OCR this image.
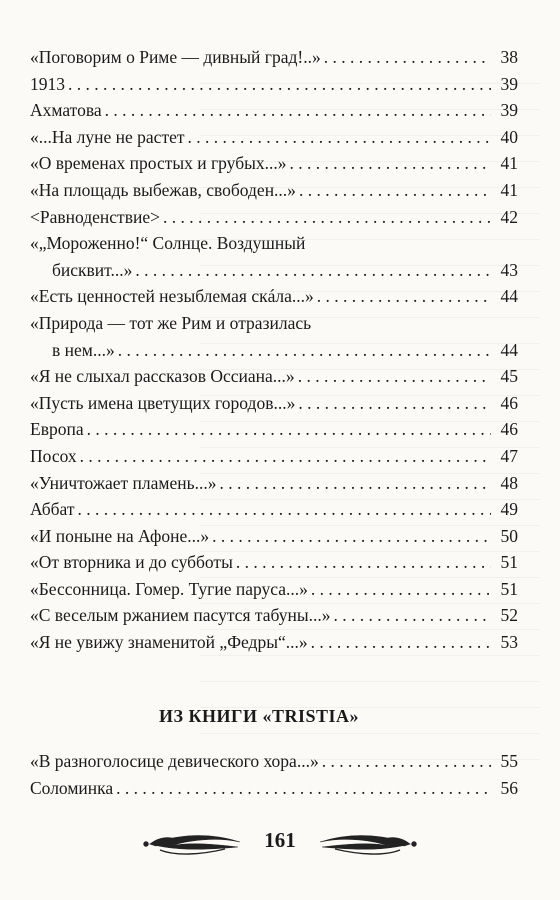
«Поговорим о Риме — дивный град!..» . . .	38
1913 . . .	39
Ахматова . . .	39
«...На луне не растет . . .	40
«О временах простых и грубых...» . . .	41
«На площадь выбежав, свободен...» . . .	41
<Равноденствие> . . .	42
«„Мороженно!“ Солнце. Воздушный
бисквит...» . . .	43
«Есть ценностей незыблемая скáла...» . . .	44
«Природа — тот же Рим и отразилась
в нем...» . . .	44
«Я не слыхал рассказов Оссиана...» . . .	45
«Пусть имена цветущих городов...» . . .	46
Европа . . .	46
Посох . . .	47
«Уничтожает пламень...» . . .	48
Аббат . . .	49
«И поныне на Афоне...» . . .	50
«От вторника и до субботы . . .	51
«Бессонница. Гомер. Тугие паруса...» . . .	51
«С веселым ржанием пасутся табуны...» . . .	52
«Я не увижу знаменитой „Федры“...» . . .	53
ИЗ КНИГИ «TRISTIA»
«В разноголосице девического хора...» . . .	55
Соломинка . . .	56
161
